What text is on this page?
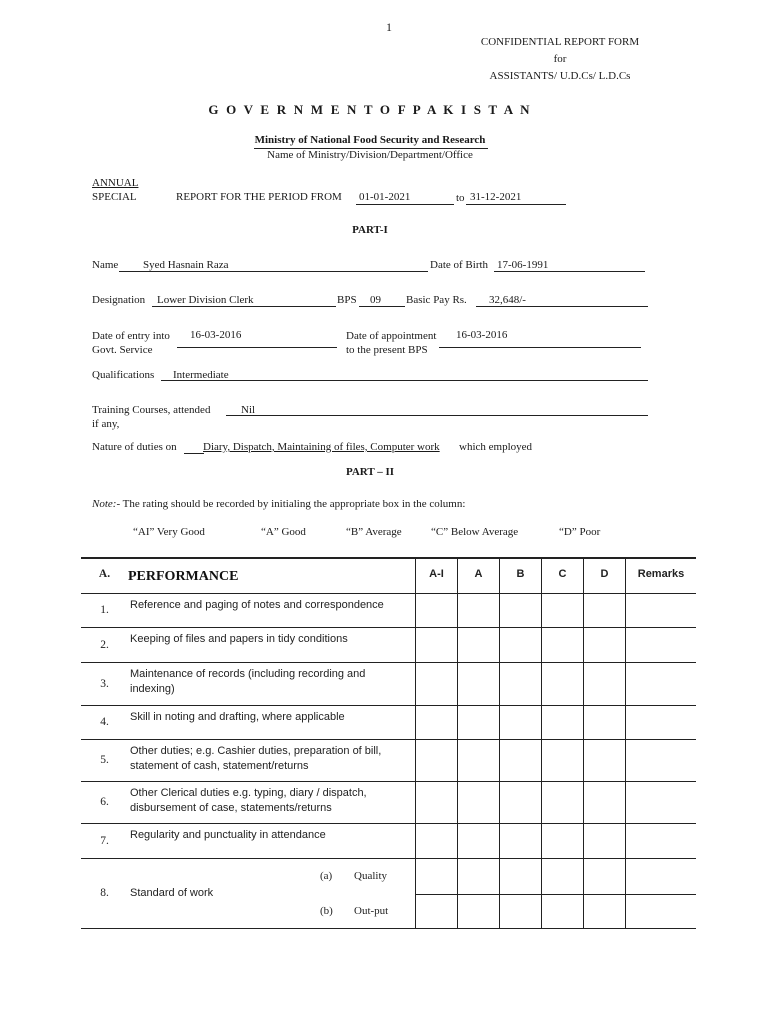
1
CONFIDENTIAL REPORT FORM
for
ASSISTANTS/ U.D.Cs/ L.D.Cs
G O V E R N M E N T O F P A K I S T A N
Ministry of National Food Security and Research
Name of Ministry/Division/Department/Office
ANNUAL
SPECIAL	REPORT FOR THE PERIOD FROM 01-01-2021	to 31-12-2021
PART-I
Name Syed Hasnain Raza	Date of Birth 17-06-1991
Designation Lower Division Clerk	BPS 09 Basic Pay Rs. 32,648/-
Date of entry into
Govt. Service
16-03-2016	Date of appointment
to the present BPS
16-03-2016
Qualifications Intermediate
Training Courses, attended
if any,
Nil
Nature of duties on Diary, Dispatch, Maintaining of files, Computer work which employed
PART – II
Note:- The rating should be recorded by initialing the appropriate box in the column:
“AI” Very Good	“A” Good	“B” Average	“C” Below Average	“D” Poor
A.	PERFORMANCE		A-I	A	B	C	D	Remarks
1.	Reference and paging of notes and correspondence							
2.	Keeping of files and papers in tidy conditions							
3.	Maintenance of records (including recording and indexing)							
4.	Skill in noting and drafting, where applicable							
5.	Other duties; e.g. Cashier duties, preparation of bill, statement of cash, statement/returns							
6.	Other Clerical duties e.g. typing, diary / dispatch, disbursement of case, statements/returns							
7.	Regularity and punctuality in attendance							
8.	Standard of work	(a) Quality						
		(b) Out-put						
